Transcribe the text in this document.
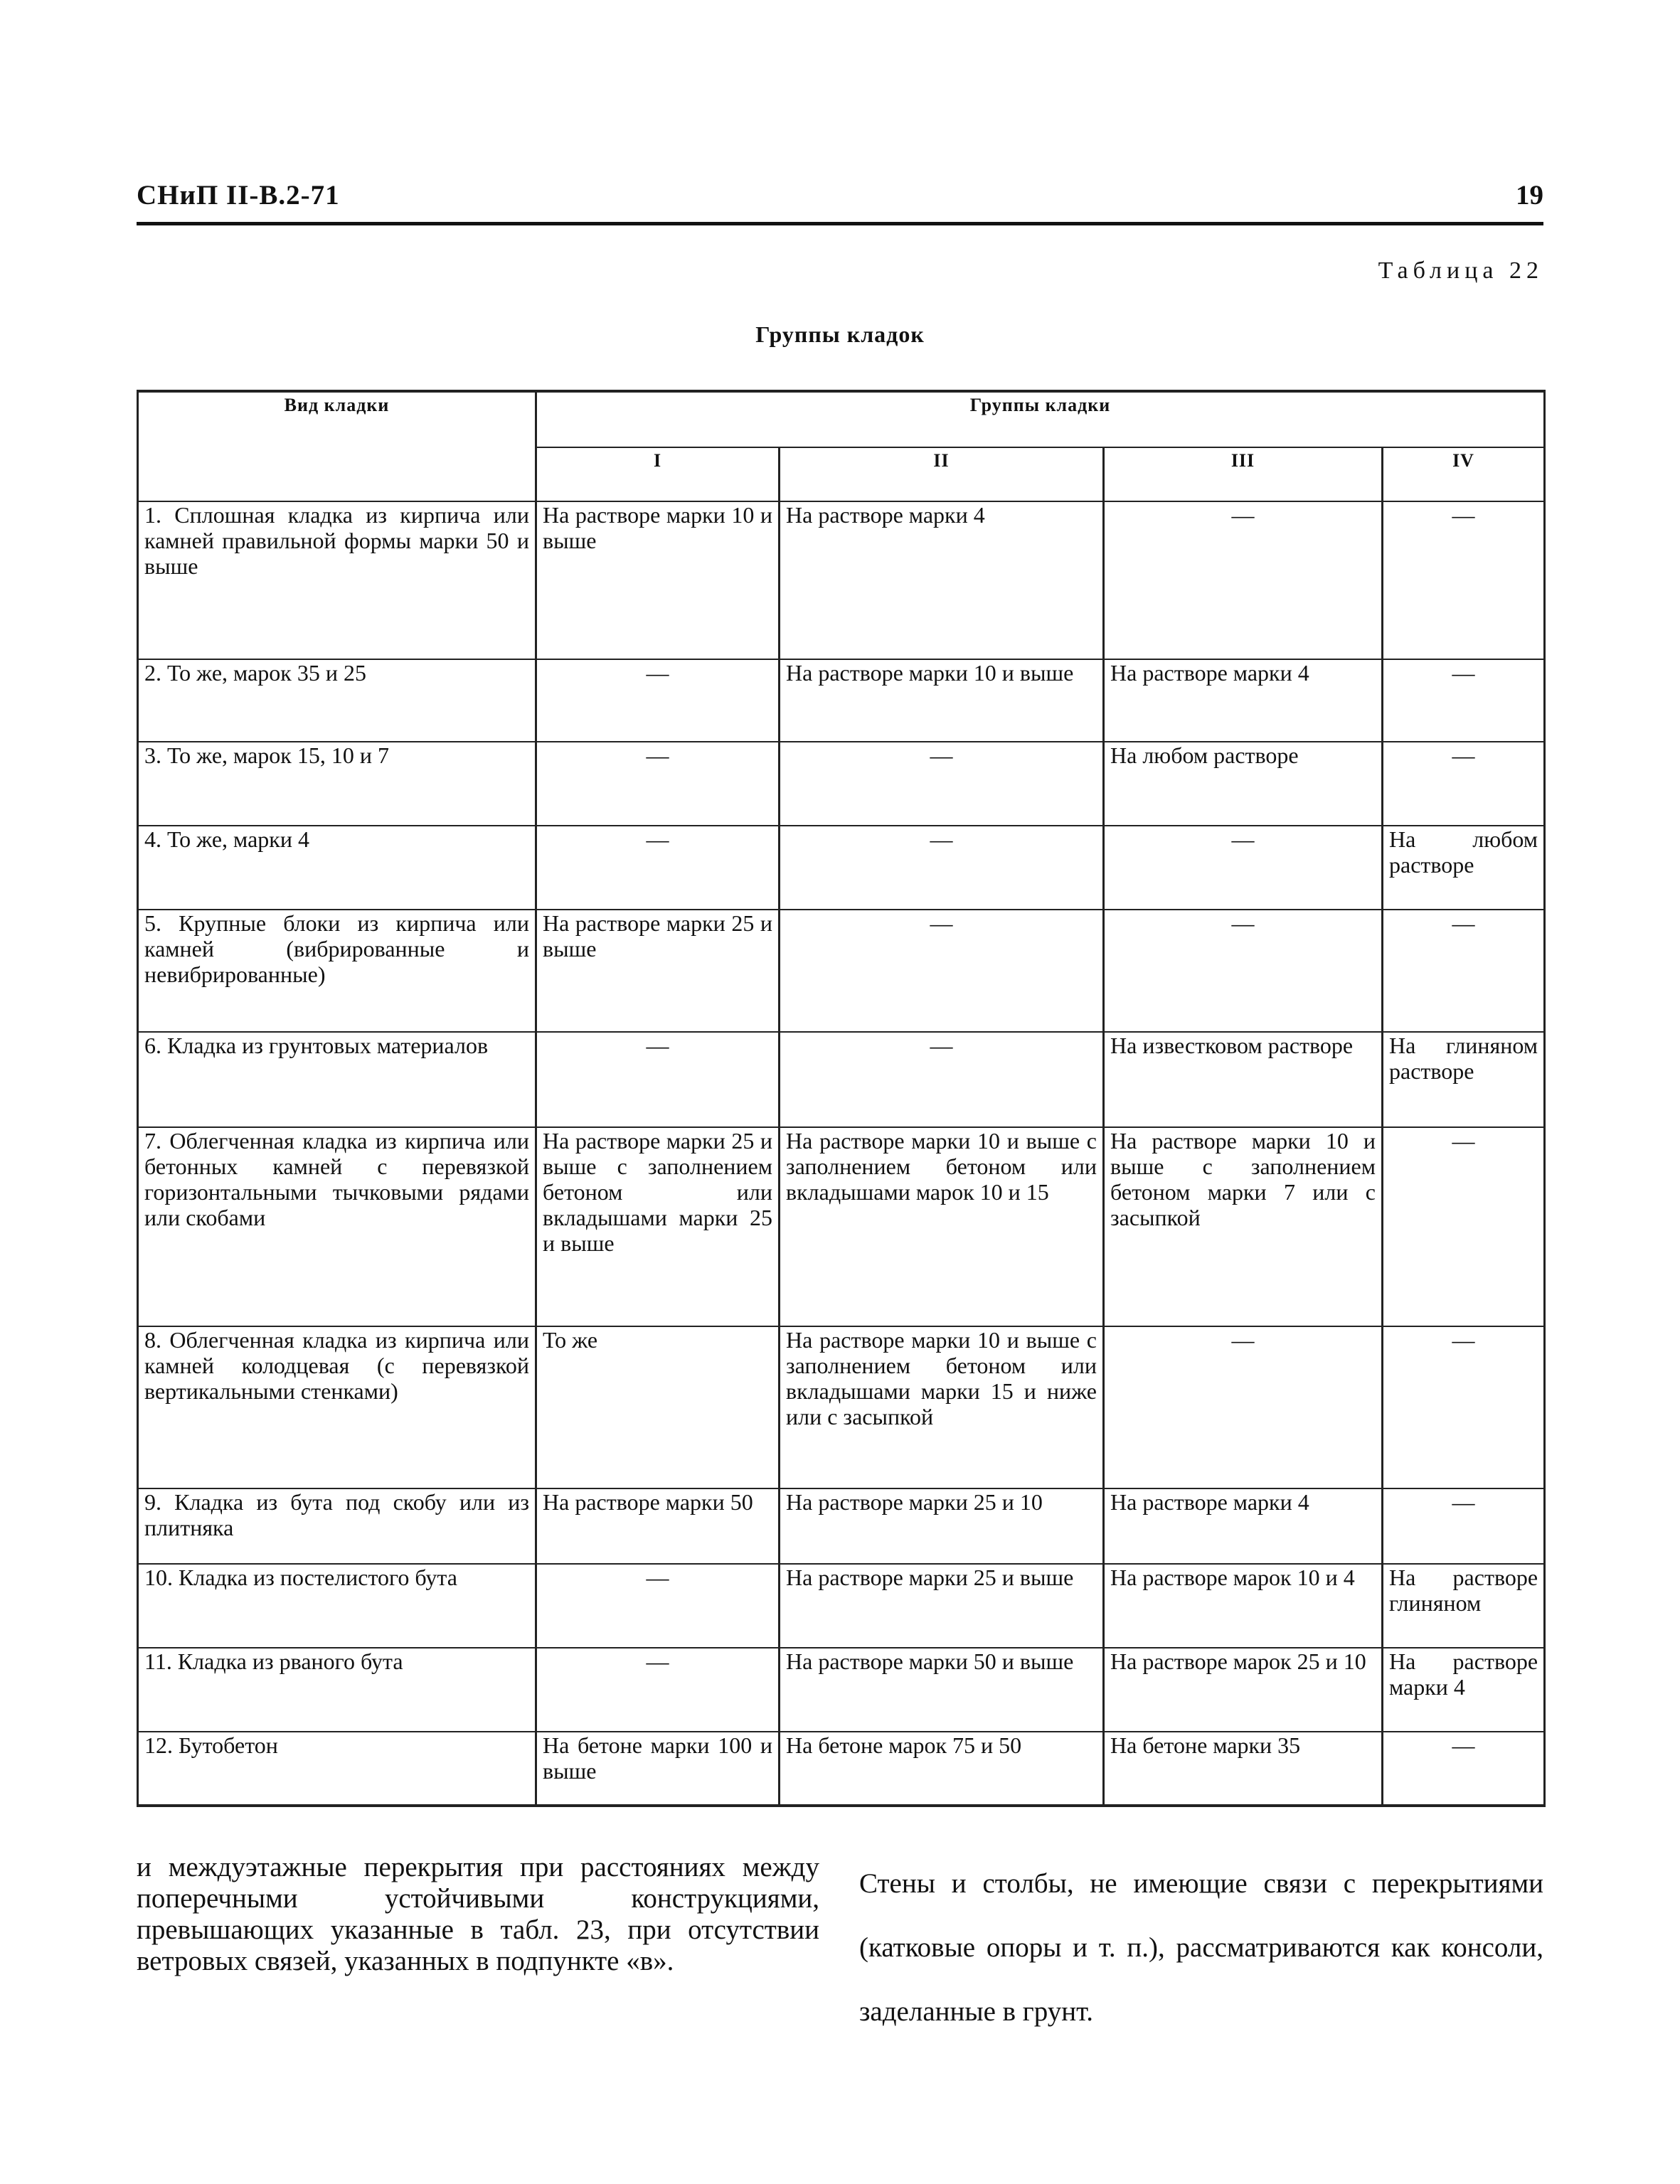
СНиП II-В.2-71	19
Таблица 22
Группы кладок
Вид кладки	Группы кладки			
	I	II	III	IV
1. Сплошная кладка из кирпича или камней правильной формы марки 50 и выше	На растворе марки 10 и выше	На растворе марки 4	—	—
2. То же, марок 35 и 25	—	На растворе марки 10 и выше	На растворе марки 4	—
3. То же, марок 15, 10 и 7	—	—	На любом растворе	—
4. То же, марки 4	—	—	—	На любом растворе
5. Крупные блоки из кирпича или камней (вибрированные и невибрированные)	На растворе марки 25 и выше	—	—	—
6. Кладка из грунтовых материалов	—	—	На известковом растворе	На глиняном растворе
7. Облегченная кладка из кирпича или бетонных камней с перевязкой горизонтальными тычковыми рядами или скобами	На растворе марки 25 и выше с заполнением бетоном или вкладышами марки 25 и выше	На растворе марки 10 и выше с заполнением бетоном или вкладышами марок 10 и 15	На растворе марки 10 и выше с заполнением бетоном марки 7 или с засыпкой	—
8. Облегченная кладка из кирпича или камней колодцевая (с перевязкой вертикальными стенками)	То же	На растворе марки 10 и выше с заполнением бетоном или вкладышами марки 15 и ниже или с засыпкой	—	—
9. Кладка из бута под скобу или из плитняка	На растворе марки 50	На растворе марки 25 и 10	На растворе марки 4	—
10. Кладка из постелистого бута	—	На растворе марки 25 и выше	На растворе марок 10 и 4	На растворе глиняном
11. Кладка из рваного бута	—	На растворе марки 50 и выше	На растворе марок 25 и 10	На растворе марки 4
12. Бутобетон	На бетоне марки 100 и выше	На бетоне марок 75 и 50	На бетоне марки 35	—
и междуэтажные перекрытия при расстояниях между поперечными устойчивыми конструкциями, превышающих указанные в табл. 23, при отсутствии ветровых связей, указанных в подпункте «в».
Стены и столбы, не имеющие связи с перекрытиями (катковые опоры и т. п.), рассматриваются как консоли, заделанные в грунт.
